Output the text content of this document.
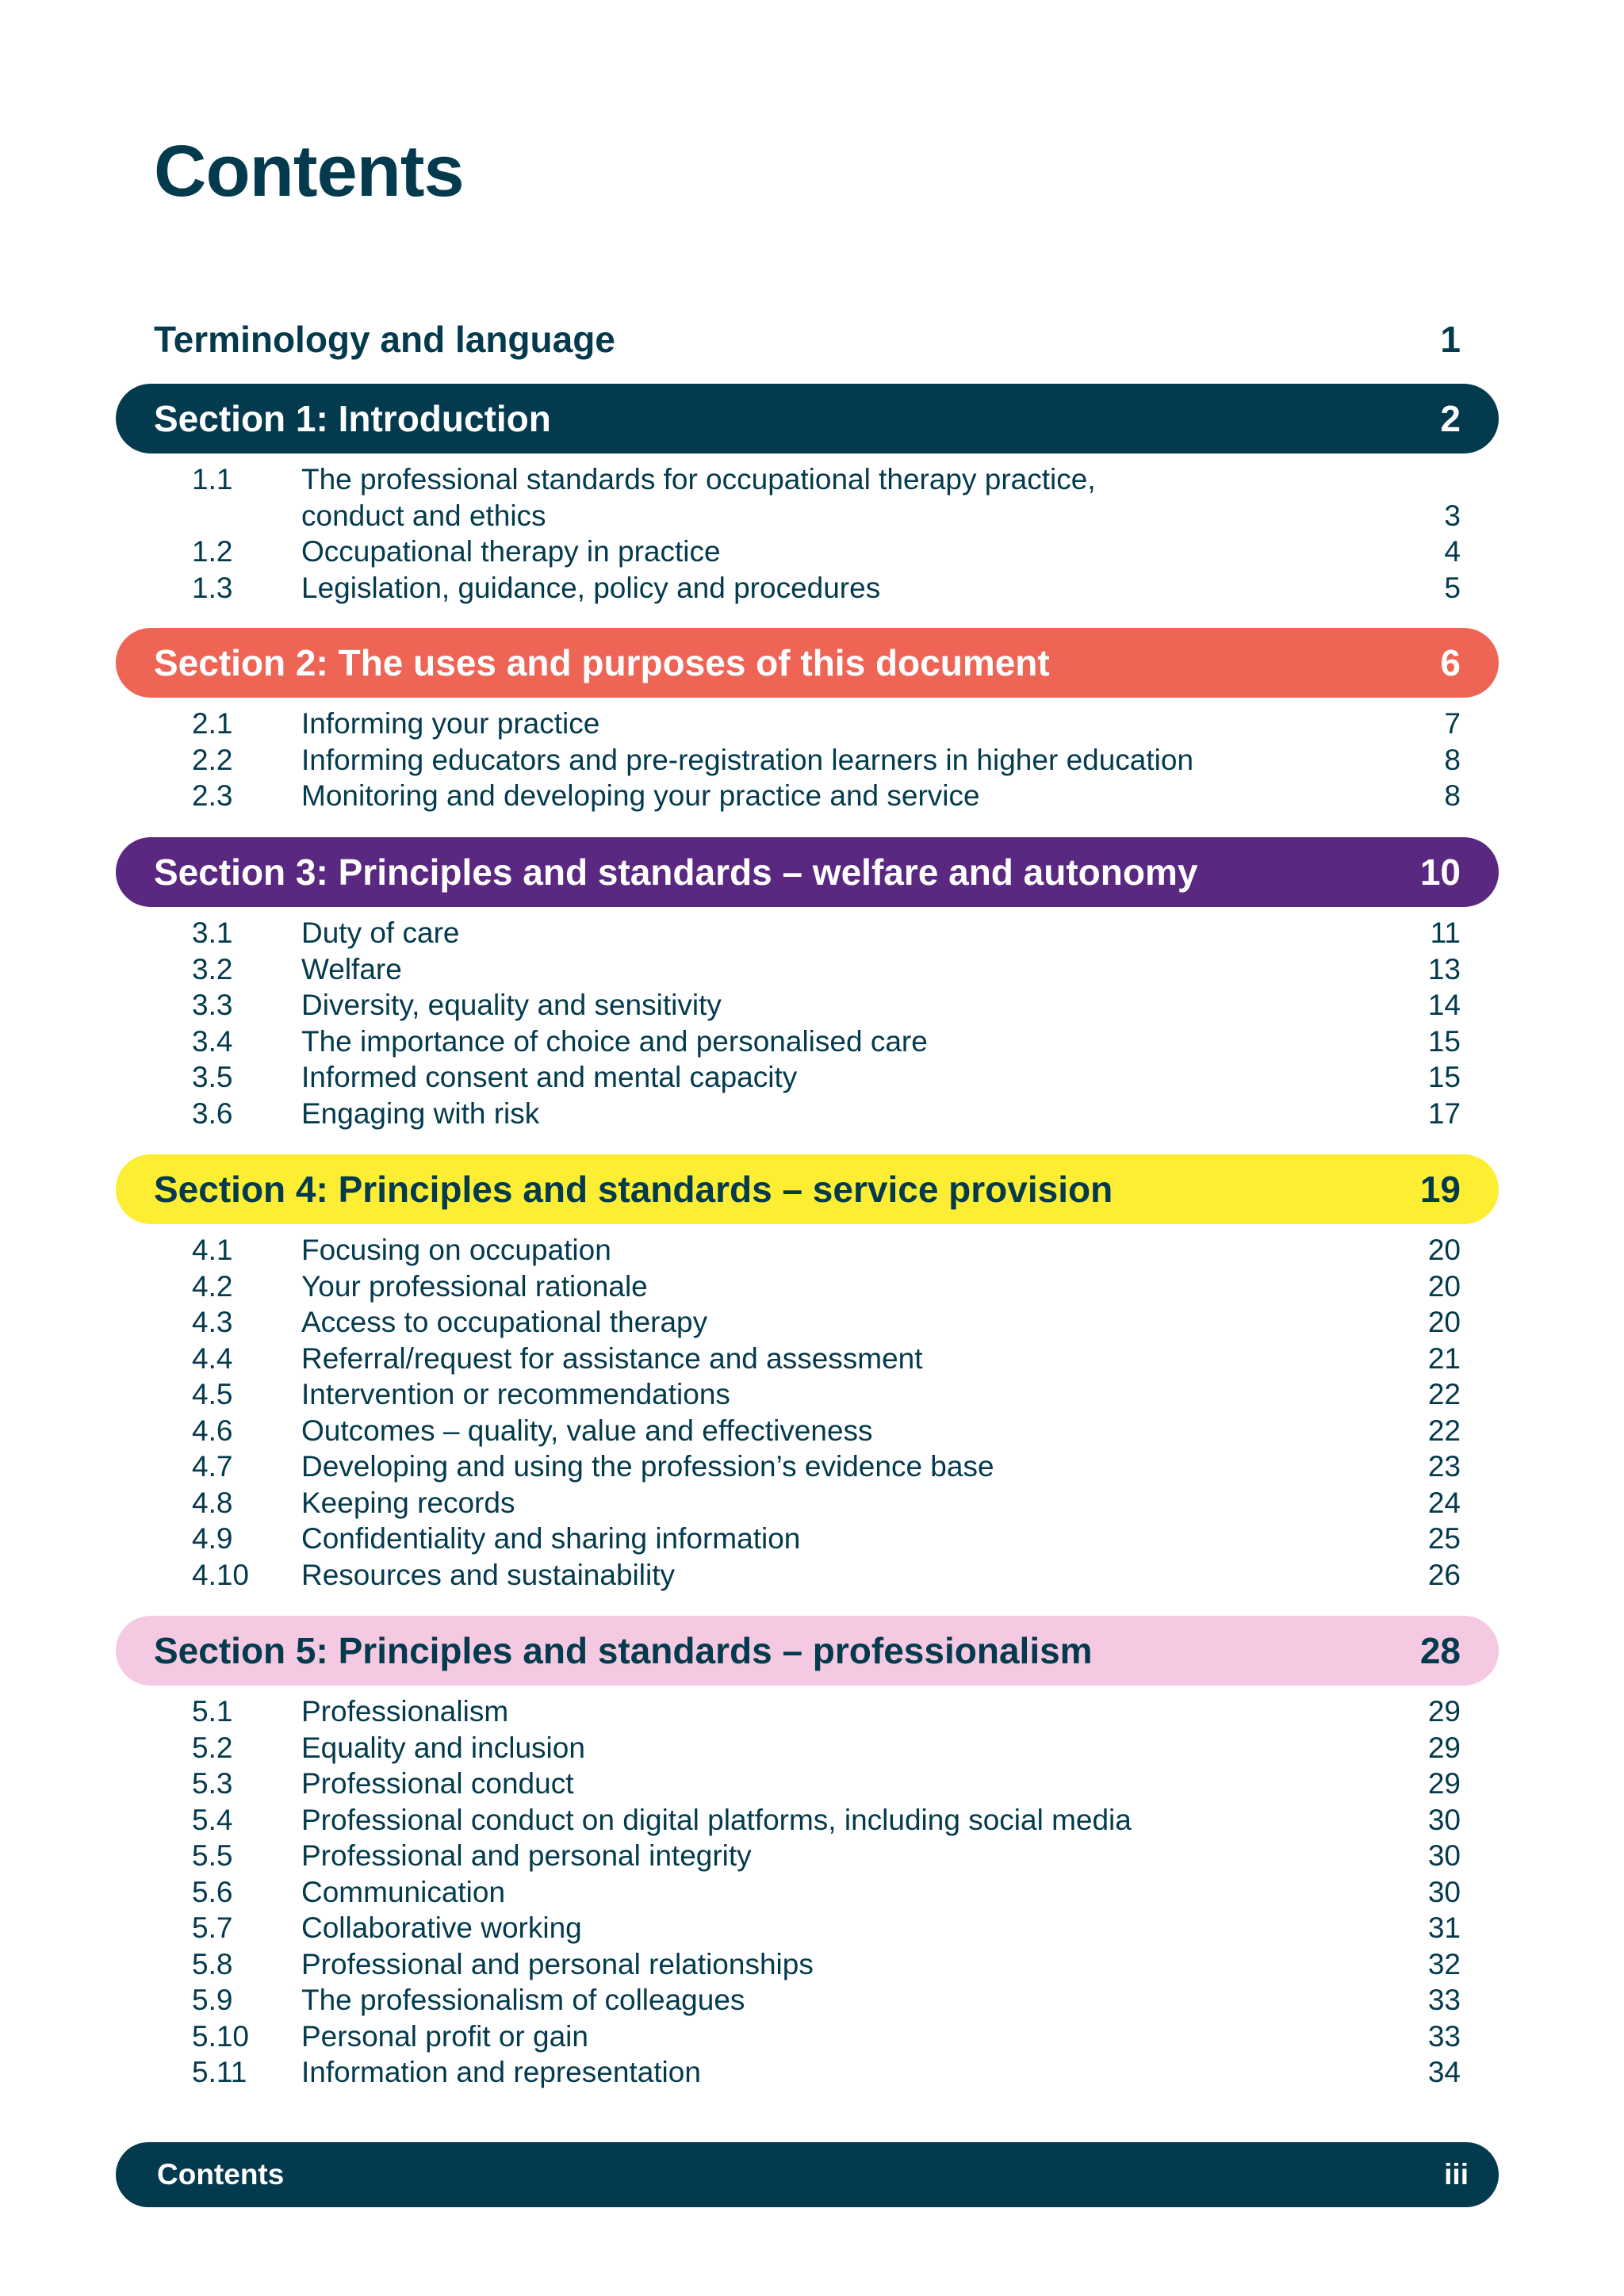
Contents
Terminology and language	1
Section 1: Introduction	2
Section 2: The uses and purposes of this document	6
Section 3: Principles and standards – welfare and autonomy	10
Section 4: Principles and standards – service provision	19
Section 5: Principles and standards – professionalism	28
1.1 The professional standards for occupational therapy practice,
conduct and ethics	3
1.2 Occupational therapy in practice	4
1.3 Legislation, guidance, policy and procedures	5
2.1 Informing your practice	7
2.2 Informing educators and pre-registration learners in higher education	8
2.3 Monitoring and developing your practice and service	8
3.1 Duty of care	11
3.2 Welfare	13
3.3 Diversity, equality and sensitivity	14
3.4 The importance of choice and personalised care	15
3.5 Informed consent and mental capacity	15
3.6 Engaging with risk	17
4.1 Focusing on occupation	20
4.2 Your professional rationale	20
4.3 Access to occupational therapy	20
4.4 Referral/request for assistance and assessment	21
4.5 Intervention or recommendations	22
4.6 Outcomes – quality, value and effectiveness	22
4.7 Developing and using the profession’s evidence base	23
4.8 Keeping records	24
4.9 Confidentiality and sharing information	25
4.10 Resources and sustainability	26
5.1 Professionalism	29
5.2 Equality and inclusion	29
5.3 Professional conduct	29
5.4 Professional conduct on digital platforms, including social media	30
5.5 Professional and personal integrity	30
5.6 Communication	30
5.7 Collaborative working	31
5.8 Professional and personal relationships	32
5.9 The professionalism of colleagues	33
5.10 Personal profit or gain	33
5.11 Information and representation	34
Contents	iii
